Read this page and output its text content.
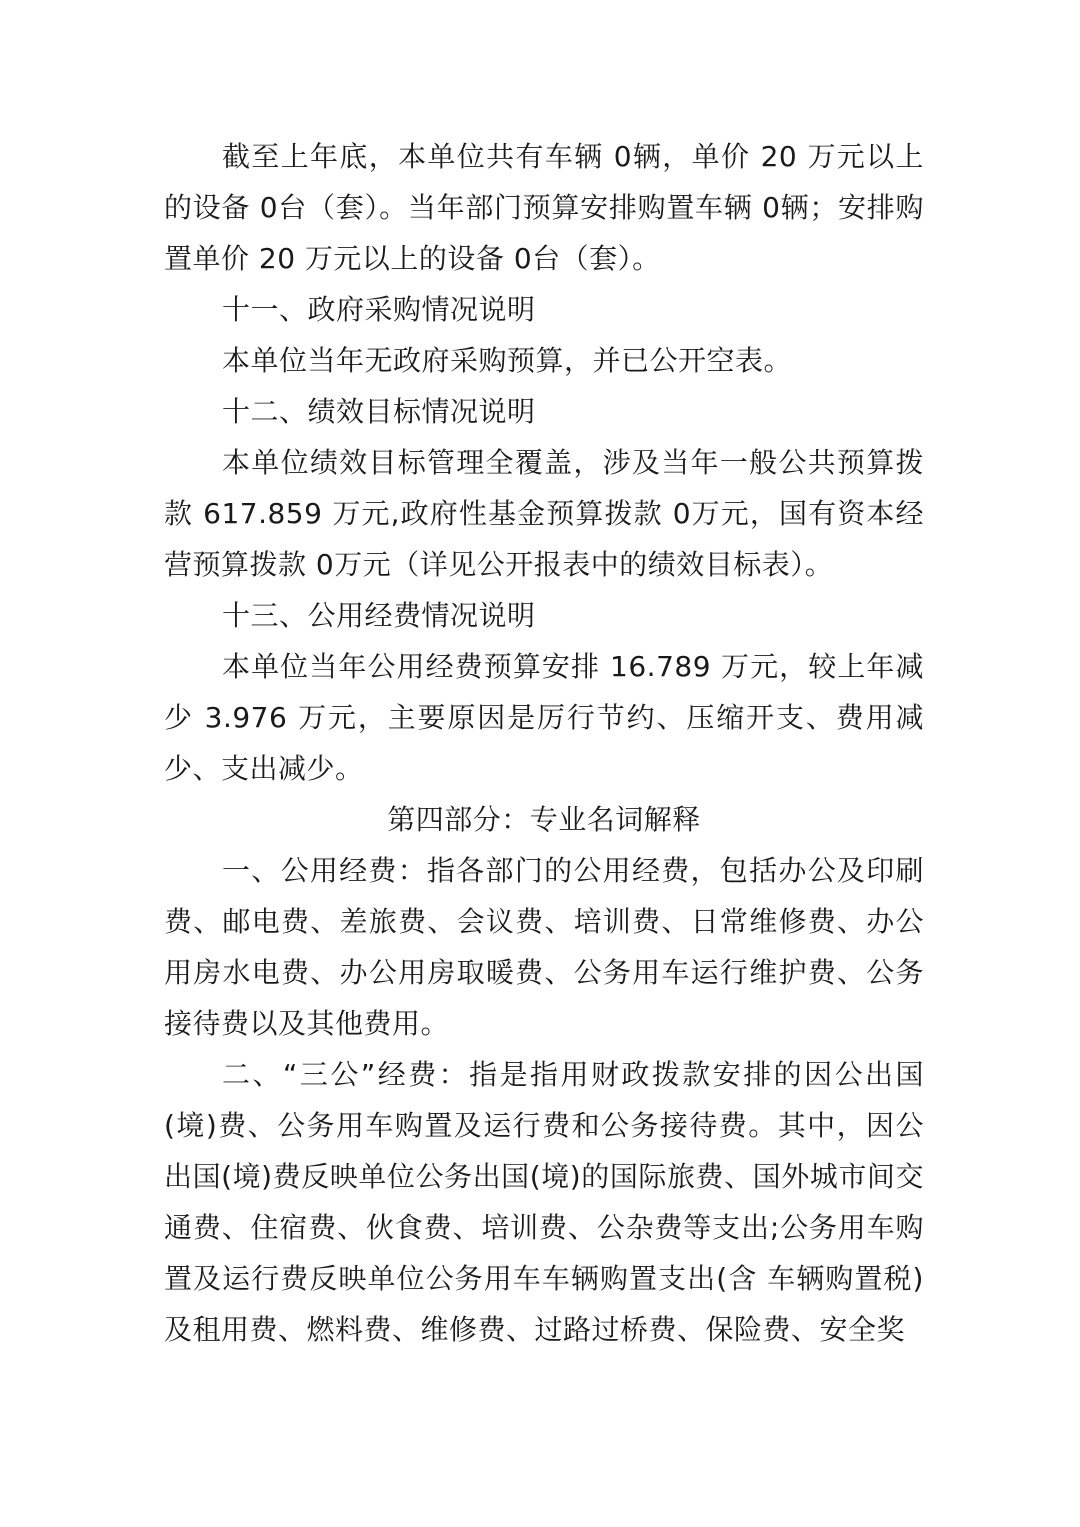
截至上年底，本单位共有车辆 0辆，单价 20 万元以上的设备 0台（套）。当年部门预算安排购置车辆 0辆；安排购置单价 20 万元以上的设备 0台（套）。

十一、政府采购情况说明

本单位当年无政府采购预算，并已公开空表。

十二、绩效目标情况说明

本单位绩效目标管理全覆盖，涉及当年一般公共预算拨款 617.859 万元,政府性基金预算拨款 0万元，国有资本经营预算拨款 0万元（详见公开报表中的绩效目标表）。

十三、公用经费情况说明

本单位当年公用经费预算安排 16.789 万元，较上年减少 3.976 万元，主要原因是厉行节约、压缩开支、费用减少、支出减少。

第四部分：专业名词解释

一、公用经费：指各部门的公用经费，包括办公及印刷费、邮电费、差旅费、会议费、培训费、日常维修费、办公用房水电费、办公用房取暖费、公务用车运行维护费、公务接待费以及其他费用。

二、“三公”经费：指是指用财政拨款安排的因公出国(境)费、公务用车购置及运行费和公务接待费。其中，因公出国(境)费反映单位公务出国(境)的国际旅费、国外城市间交通费、住宿费、伙食费、培训费、公杂费等支出;公务用车购置及运行费反映单位公务用车车辆购置支出(含 车辆购置税)及租用费、燃料费、维修费、过路过桥费、保险费、安全奖
